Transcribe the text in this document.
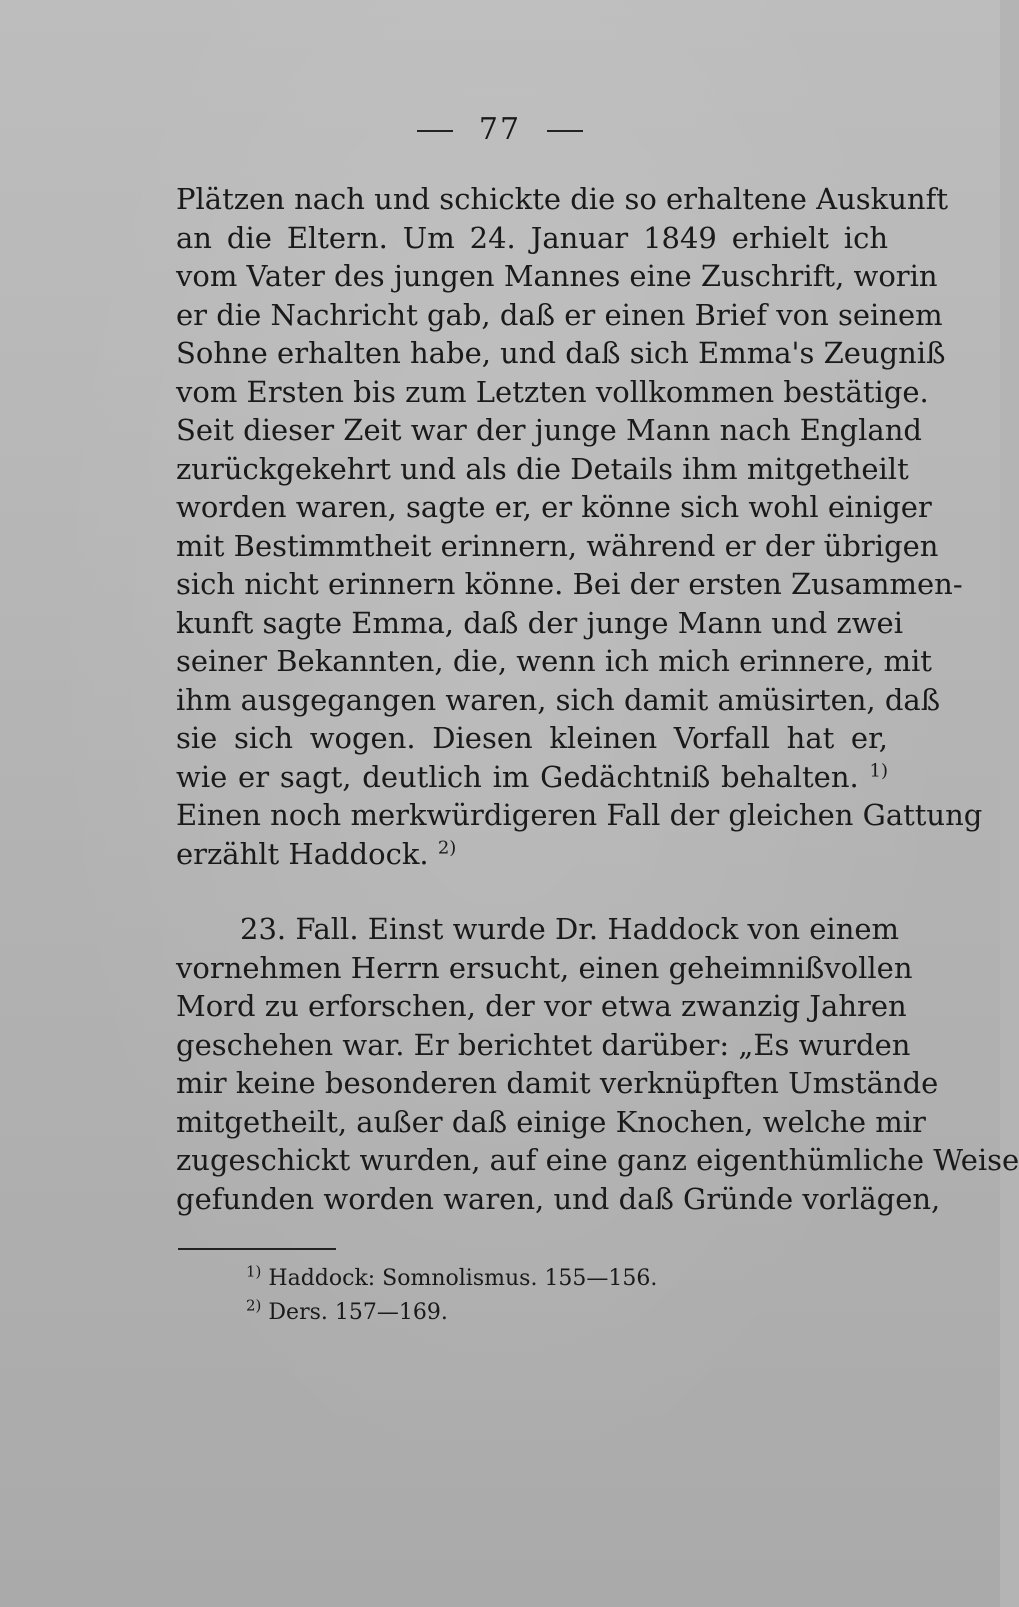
77
Plätzen nach und schickte die so erhaltene Auskunft
an die Eltern. Um 24. Januar 1849 erhielt ich
vom Vater des jungen Mannes eine Zuschrift, worin
er die Nachricht gab, daß er einen Brief von seinem
Sohne erhalten habe, und daß sich Emma's Zeugniß
vom Ersten bis zum Letzten vollkommen bestätige.
Seit dieser Zeit war der junge Mann nach England
zurückgekehrt und als die Details ihm mitgetheilt
worden waren, sagte er, er könne sich wohl einiger
mit Bestimmtheit erinnern, während er der übrigen
sich nicht erinnern könne. Bei der ersten Zusammen-
kunft sagte Emma, daß der junge Mann und zwei
seiner Bekannten, die, wenn ich mich erinnere, mit
ihm ausgegangen waren, sich damit amüsirten, daß
sie sich wogen. Diesen kleinen Vorfall hat er,
wie er sagt, deutlich im Gedächtniß behalten. $^{1)}$
Einen noch merkwürdigeren Fall der gleichen Gattung
erzählt Haddock. $^{2)}$
23. Fall. Einst wurde Dr. Haddock von einem
vornehmen Herrn ersucht, einen geheimnißvollen
Mord zu erforschen, der vor etwa zwanzig Jahren
geschehen war. Er berichtet darüber: „Es wurden
mir keine besonderen damit verknüpften Umstände
mitgetheilt, außer daß einige Knochen, welche mir
zugeschickt wurden, auf eine ganz eigenthümliche Weise
gefunden worden waren, und daß Gründe vorlägen,
$^{1)}$ Haddock: Somnolismus. 155—156.
$^{2)}$ Ders. 157—169.
